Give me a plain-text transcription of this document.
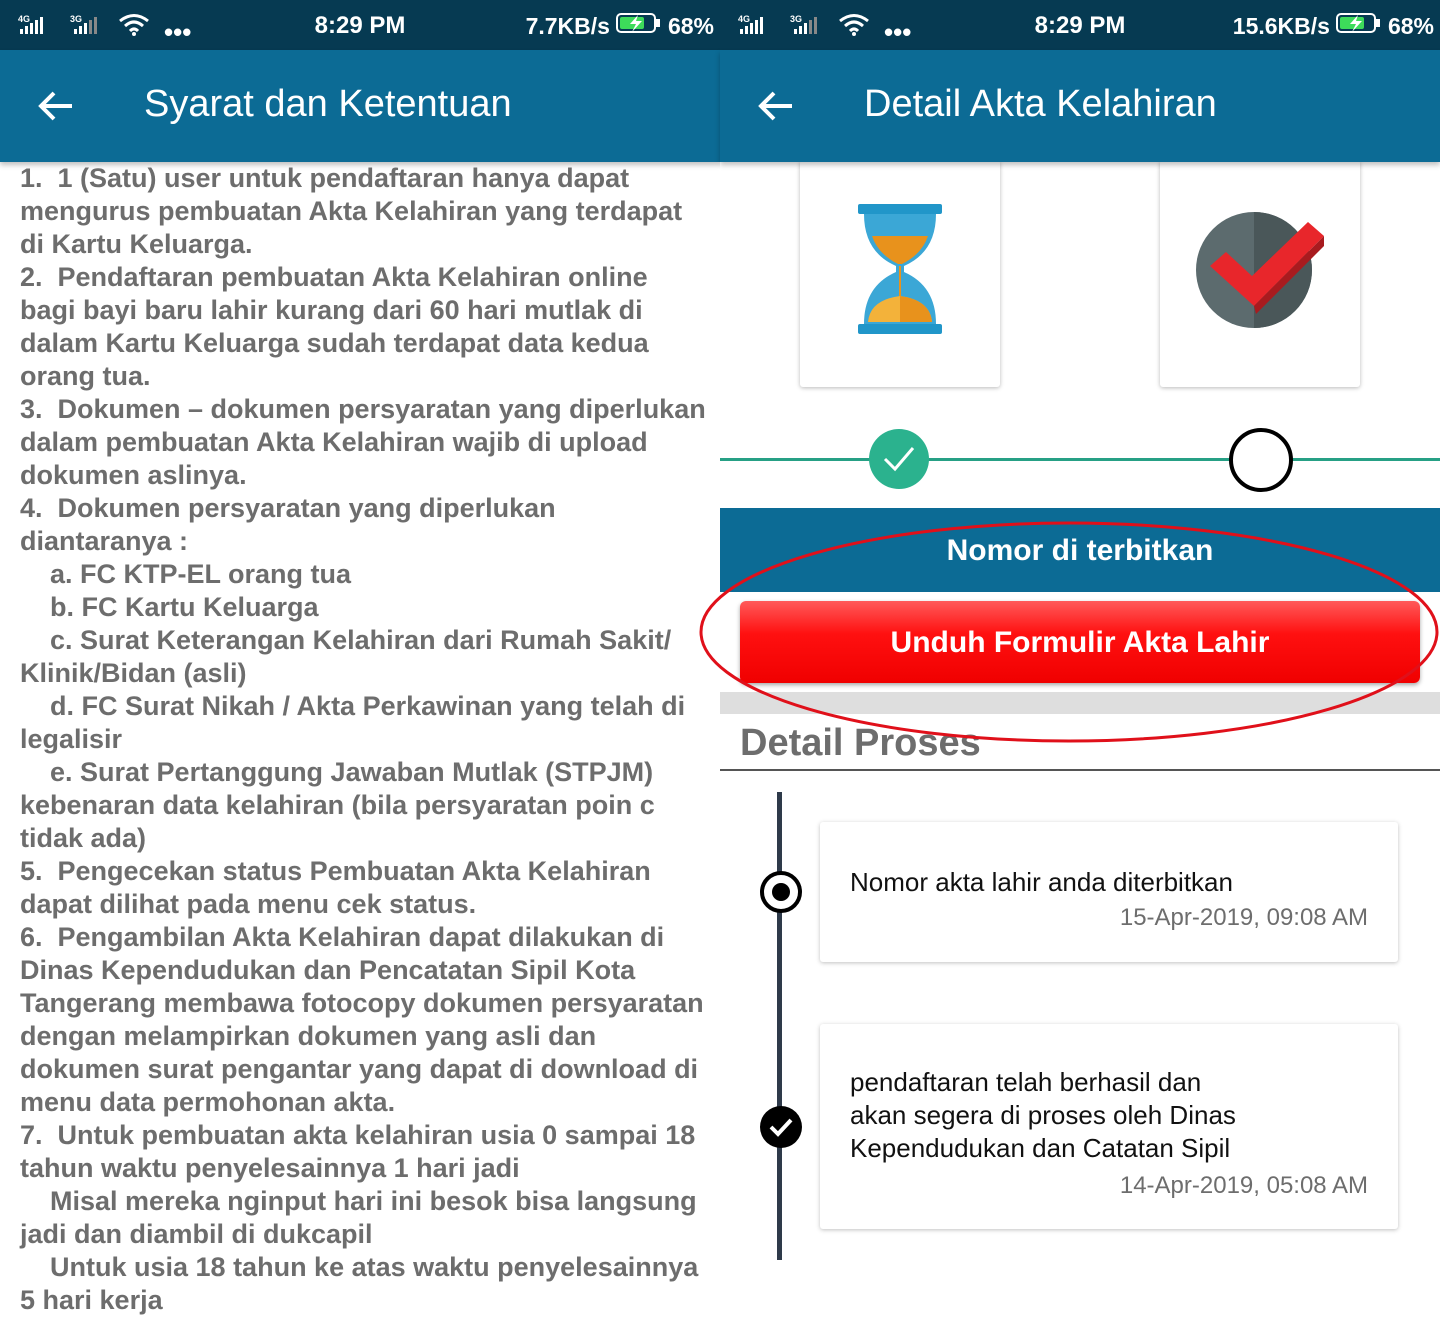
4G	3G	•••	8:29 PM	7.7KB/s	68%
Syarat dan Ketentuan

1.  1 (Satu) user untuk pendaftaran hanya dapat mengurus pembuatan Akta Kelahiran yang terdapat di Kartu Keluarga.

2.  Pendaftaran pembuatan Akta Kelahiran online bagi bayi baru lahir kurang dari 60 hari mutlak di dalam Kartu Keluarga sudah terdapat data kedua orang tua.

3.  Dokumen – dokumen persyaratan yang diperlukan dalam pembuatan Akta Kelahiran wajib di upload dokumen aslinya.

4.  Dokumen persyaratan yang diperlukan diantaranya :

a. FC KTP-EL orang tua

b. FC Kartu Keluarga

c. Surat Keterangan Kelahiran dari Rumah Sakit/ Klinik/Bidan (asli)

d. FC Surat Nikah / Akta Perkawinan yang telah di legalisir

e. Surat Pertanggung Jawaban Mutlak (STPJM) kebenaran data kelahiran (bila persyaratan poin c tidak ada)

5.  Pengecekan status Pembuatan Akta Kelahiran dapat dilihat pada menu cek status.

6.  Pengambilan Akta Kelahiran dapat dilakukan di Dinas Kependudukan dan Pencatatan Sipil Kota Tangerang membawa fotocopy dokumen persyaratan dengan melampirkan dokumen yang asli dan dokumen surat pengantar yang dapat di download di menu data permohonan akta.

7.  Untuk pembuatan akta kelahiran usia 0 sampai 18 tahun waktu penyelesainnya 1 hari jadi

Misal mereka nginput hari ini besok bisa langsung jadi dan diambil di dukcapil

Untuk usia 18 tahun ke atas waktu penyelesainnya 5 hari kerja

4G	3G	•••	8:29 PM	15.6KB/s	68%
Detail Akta Kelahiran
Nomor di terbitkan
Unduh Formulir Akta Lahir
Detail Proses
Nomor akta lahir anda diterbitkan
15-Apr-2019, 09:08 AM
pendaftaran telah berhasil dan
akan segera di proses oleh Dinas
Kependudukan dan Catatan Sipil
14-Apr-2019, 05:08 AM
